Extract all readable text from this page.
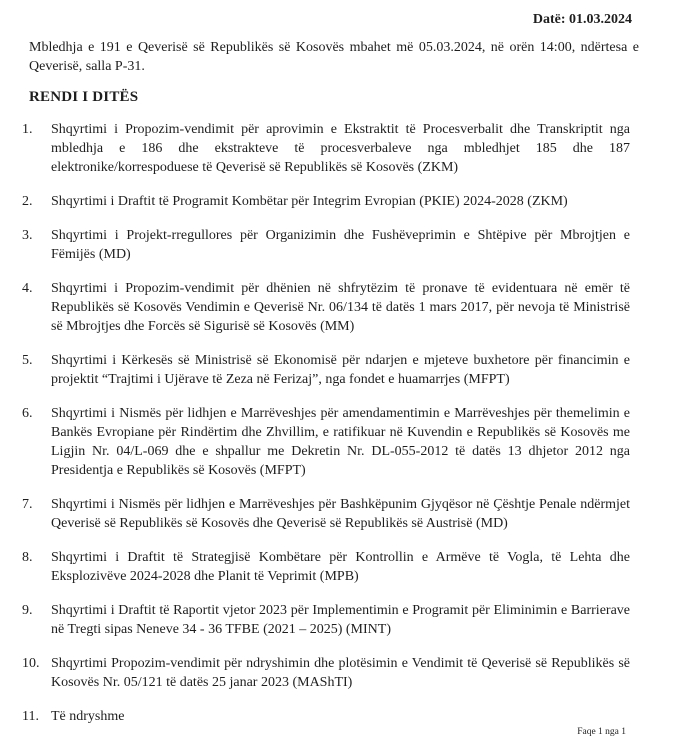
Datë: 01.03.2024
Mbledhja e 191 e Qeverisë së Republikës së Kosovës mbahet më 05.03.2024, në orën 14:00, ndërtesa e Qeverisë, salla P-31.
RENDI I DITËS
1. Shqyrtimi i Propozim-vendimit për aprovimin e Ekstraktit të Procesverbalit dhe Transkriptit nga mbledhja e 186 dhe ekstrakteve të procesverbaleve nga mbledhjet 185 dhe 187 elektronike/korrespoduese të Qeverisë së Republikës së Kosovës (ZKM)
2. Shqyrtimi i Draftit të Programit Kombëtar për Integrim Evropian (PKIE) 2024-2028 (ZKM)
3. Shqyrtimi i Projekt-rregullores për Organizimin dhe Fushëveprimin e Shtëpive për Mbrojtjen e Fëmijës (MD)
4. Shqyrtimi i Propozim-vendimit për dhënien në shfrytëzim të pronave të evidentuara në emër të Republikës së Kosovës Vendimin e Qeverisë Nr. 06/134 të datës 1 mars 2017, për nevoja të Ministrisë së Mbrojtjes dhe Forcës së Sigurisë së Kosovës (MM)
5. Shqyrtimi i Kërkesës së Ministrisë së Ekonomisë për ndarjen e mjeteve buxhetore për financimin e projektit “Trajtimi i Ujërave të Zeza në Ferizaj”, nga fondet e huamarrjes (MFPT)
6. Shqyrtimi i Nismës për lidhjen e Marrëveshjes për amendamentimin e Marrëveshjes për themelimin e Bankës Evropiane për Rindërtim dhe Zhvillim, e ratifikuar në Kuvendin e Republikës së Kosovës me Ligjin Nr. 04/L-069 dhe e shpallur me Dekretin Nr. DL-055-2012 të datës 13 dhjetor 2012 nga Presidentja e Republikës së Kosovës (MFPT)
7. Shqyrtimi i Nismës për lidhjen e Marrëveshjes për Bashkëpunim Gjyqësor në Çështje Penale ndërmjet Qeverisë së Republikës së Kosovës dhe Qeverisë së Republikës së Austrisë (MD)
8. Shqyrtimi i Draftit të Strategjisë Kombëtare për Kontrollin e Armëve të Vogla, të Lehta dhe Eksplozivëve 2024-2028 dhe Planit të Veprimit (MPB)
9. Shqyrtimi i Draftit të Raportit vjetor 2023 për Implementimin e Programit për Eliminimin e Barrierave në Tregti sipas Neneve 34 - 36 TFBE (2021 – 2025) (MINT)
10. Shqyrtimi Propozim-vendimit për ndryshimin dhe plotësimin e Vendimit të Qeverisë së Republikës së Kosovës Nr. 05/121 të datës 25 janar 2023 (MAShTI)
11. Të ndryshme
Faqe 1 nga 1
